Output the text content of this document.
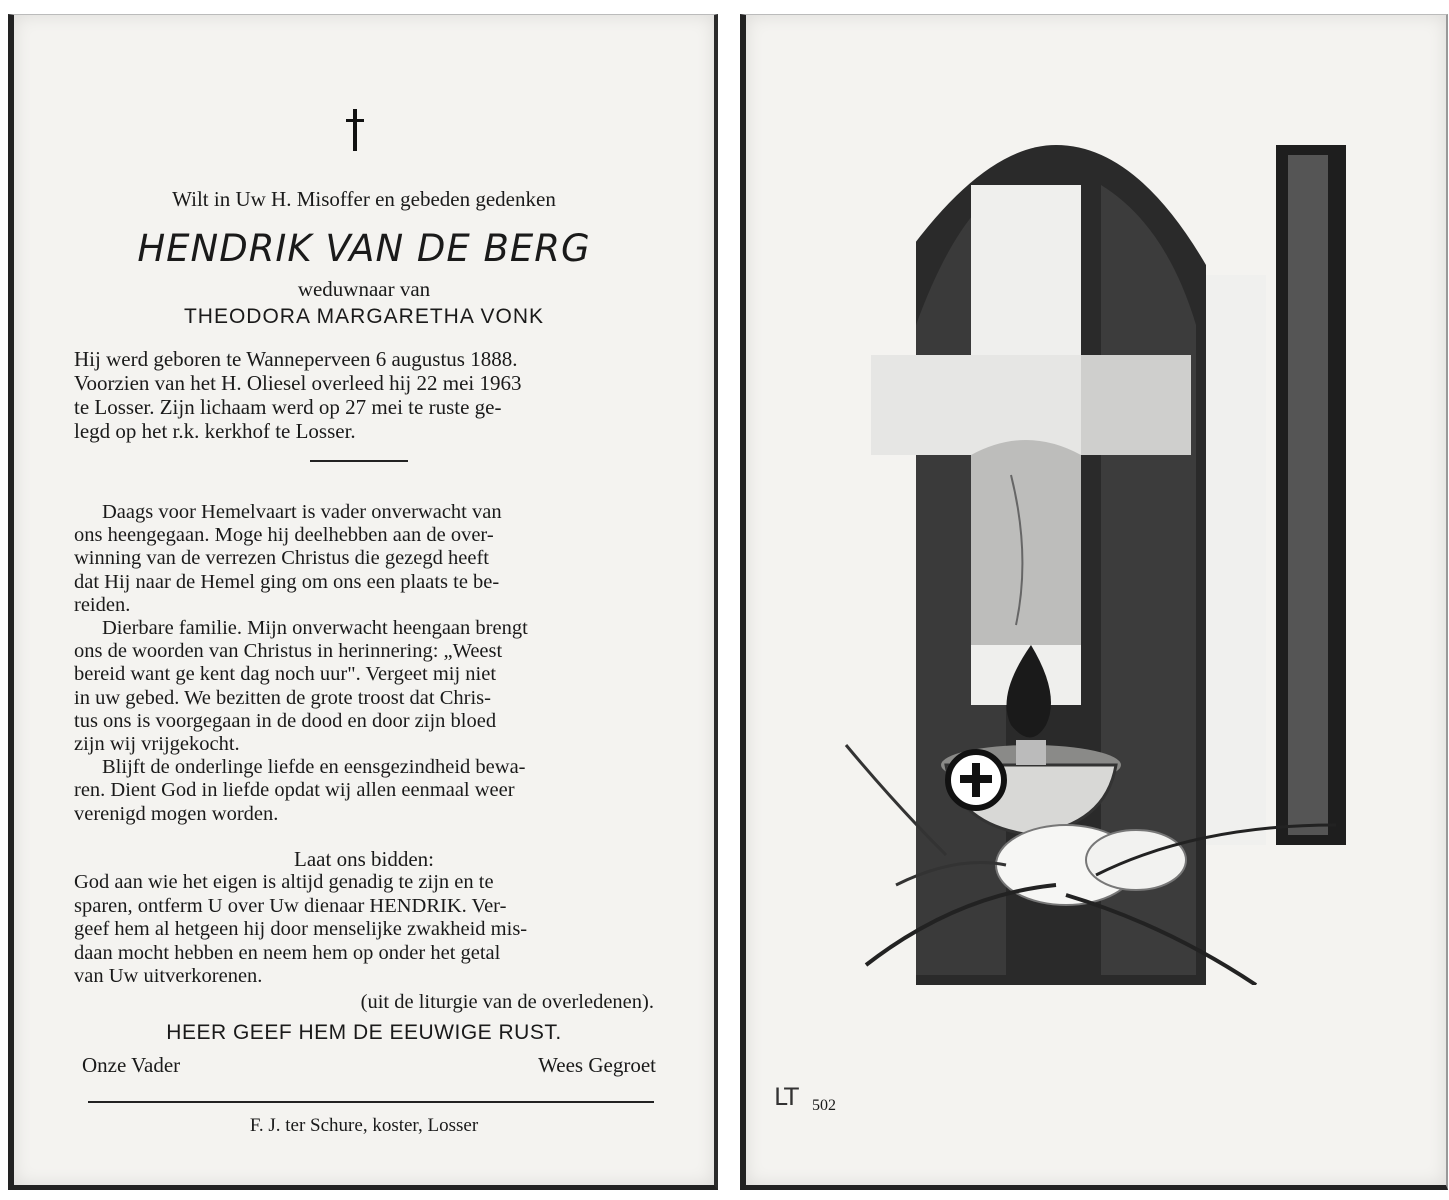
Wilt in Uw H. Misoffer en gebeden gedenken
HENDRIK VAN DE BERG
weduwnaar van
THEODORA MARGARETHA VONK
Hij werd geboren te Wanneperveen 6 augustus 1888.
Voorzien van het H. Oliesel overleed hij 22 mei 1963
te Losser. Zijn lichaam werd op 27 mei te ruste ge-
legd op het r.k. kerkhof te Losser.
Daags voor Hemelvaart is vader onverwacht van
ons heengegaan. Moge hij deelhebben aan de over-
winning van de verrezen Christus die gezegd heeft
dat Hij naar de Hemel ging om ons een plaats te be-
reiden.
Dierbare familie. Mijn onverwacht heengaan brengt
ons de woorden van Christus in herinnering: „Weest
bereid want ge kent dag noch uur". Vergeet mij niet
in uw gebed. We bezitten de grote troost dat Chris-
tus ons is voorgegaan in de dood en door zijn bloed
zijn wij vrijgekocht.
Blijft de onderlinge liefde en eensgezindheid bewa-
ren. Dient God in liefde opdat wij allen eenmaal weer
verenigd mogen worden.
Laat ons bidden:
God aan wie het eigen is altijd genadig te zijn en te
sparen, ontferm U over Uw dienaar HENDRIK. Ver-
geef hem al hetgeen hij door menselijke zwakheid mis-
daan mocht hebben en neem hem op onder het getal
van Uw uitverkorenen.
(uit de liturgie van de overledenen).
HEER GEEF HEM DE EEUWIGE RUST.
Onze Vader	Wees Gegroet
F. J. ter Schure, koster, Losser
LT 502
